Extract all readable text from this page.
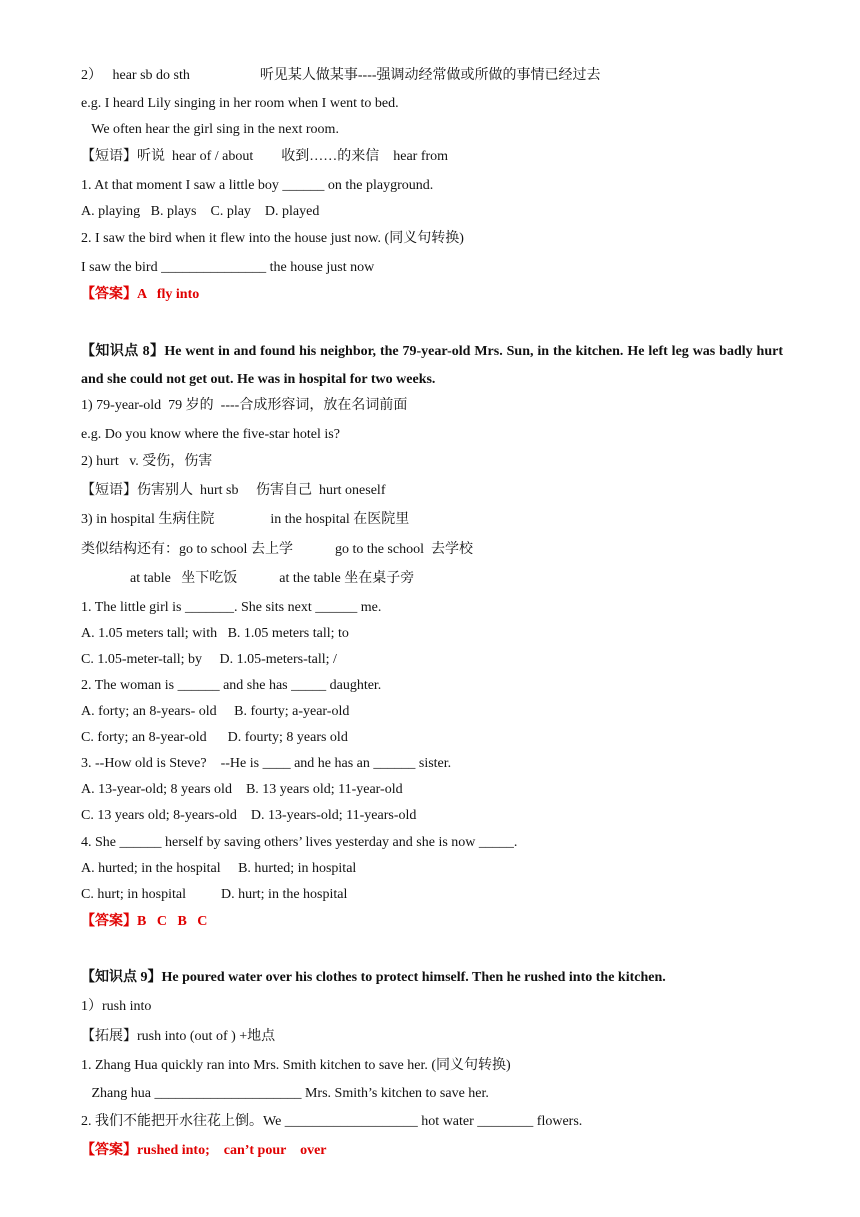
2）   hear sb do sth                    听见某人做某事----强调动经常做或所做的事情已经过去
e.g. I heard Lily singing in her room when I went to bed.
We often hear the girl sing in the next room.
【短语】听说  hear of / about        收到……的来信    hear from
1. At that moment I saw a little boy ______ on the playground.
A. playing   B. plays    C. play    D. played
2. I saw the bird when it flew into the house just now. (同义句转换)
I saw the bird _______________ the house just now
【答案】A   fly into
【知识点 8】He went in and found his neighbor, the 79-year-old Mrs. Sun, in the kitchen. He left leg was badly hurt and she could not get out. He was in hospital for two weeks.
1) 79-year-old  79 岁的  ----合成形容词，放在名词前面
e.g. Do you know where the five-star hotel is?
2) hurt   v. 受伤，伤害
【短语】伤害别人  hurt sb     伤害自己  hurt oneself
3) in hospital 生病住院                in the hospital 在医院里
类似结构还有：go to school 去上学            go to the school  去学校
at table   坐下吃饭            at the table 坐在桌子旁
1. The little girl is _______. She sits next ______ me.
A. 1.05 meters tall; with   B. 1.05 meters tall; to
C. 1.05-meter-tall; by     D. 1.05-meters-tall; /
2. The woman is ______ and she has _____ daughter.
A. forty; an 8-years- old     B. fourty; a-year-old
C. forty; an 8-year-old      D. fourty; 8 years old
3. --How old is Steve?    --He is ____ and he has an ______ sister.
A. 13-year-old; 8 years old    B. 13 years old; 11-year-old
C. 13 years old; 8-years-old    D. 13-years-old; 11-years-old
4. She ______ herself by saving others’ lives yesterday and she is now _____.
A. hurted; in the hospital     B. hurted; in hospital
C. hurt; in hospital          D. hurt; in the hospital
【答案】B   C   B   C
【知识点 9】He poured water over his clothes to protect himself. Then he rushed into the kitchen.
1）rush into
【拓展】rush into (out of ) +地点
1. Zhang Hua quickly ran into Mrs. Smith kitchen to save her. (同义句转换)
Zhang hua _____________________ Mrs. Smith’s kitchen to save her.
2. 我们不能把开水往花上倒。We ___________________ hot water ________ flowers.
【答案】rushed into;    can’t pour    over
